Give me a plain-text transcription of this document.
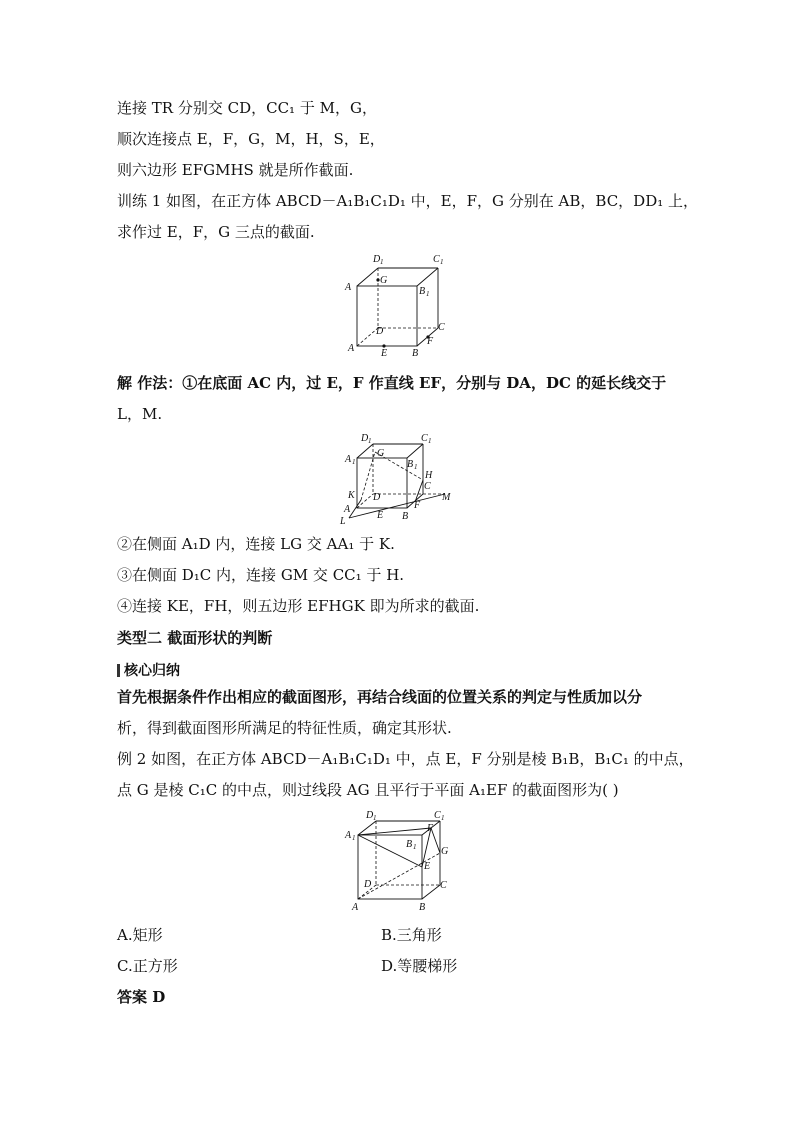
连接 TR 分别交 CD，CC₁ 于 M，G，
顺次连接点 E，F，G，M，H，S，E，
则六边形 EFGMHS 就是所作截面.
训练 1 如图，在正方体 ABCD－A₁B₁C₁D₁ 中，E，F，G 分别在 AB，BC，DD₁ 上，
求作过 E，F，G 三点的截面.
D 1	C 1
A
G
B 1
D	C
F
A	E B
解 作法：①在底面 AC 内，过 E，F 作直线 EF，分别与 DA，DC 的延长线交于
L，M.
D 1	C 1
A 1
G
B 1
H
K D
C
M
A
L
E
F
B
②在侧面 A₁D 内，连接 LG 交 AA₁ 于 K.
③在侧面 D₁C 内，连接 GM 交 CC₁ 于 H.
④连接 KE，FH，则五边形 EFHGK 即为所求的截面.
类型二 截面形状的判断
核心归纳
首先根据条件作出相应的截面图形，再结合线面的位置关系的判定与性质加以分
析，得到截面图形所满足的特征性质，确定其形状.
例 2 如图，在正方体 ABCD－A₁B₁C₁D₁ 中，点 E，F 分别是棱 B₁B，B₁C₁ 的中点，
点 G 是棱 C₁C 的中点，则过线段 AG 且平行于平面 A₁EF 的截面图形为( )
D 1	C 1
A 1
F
B 1 G
E
D	C
A	B
A.矩形	B.三角形
C.正方形	D.等腰梯形
答案 D
